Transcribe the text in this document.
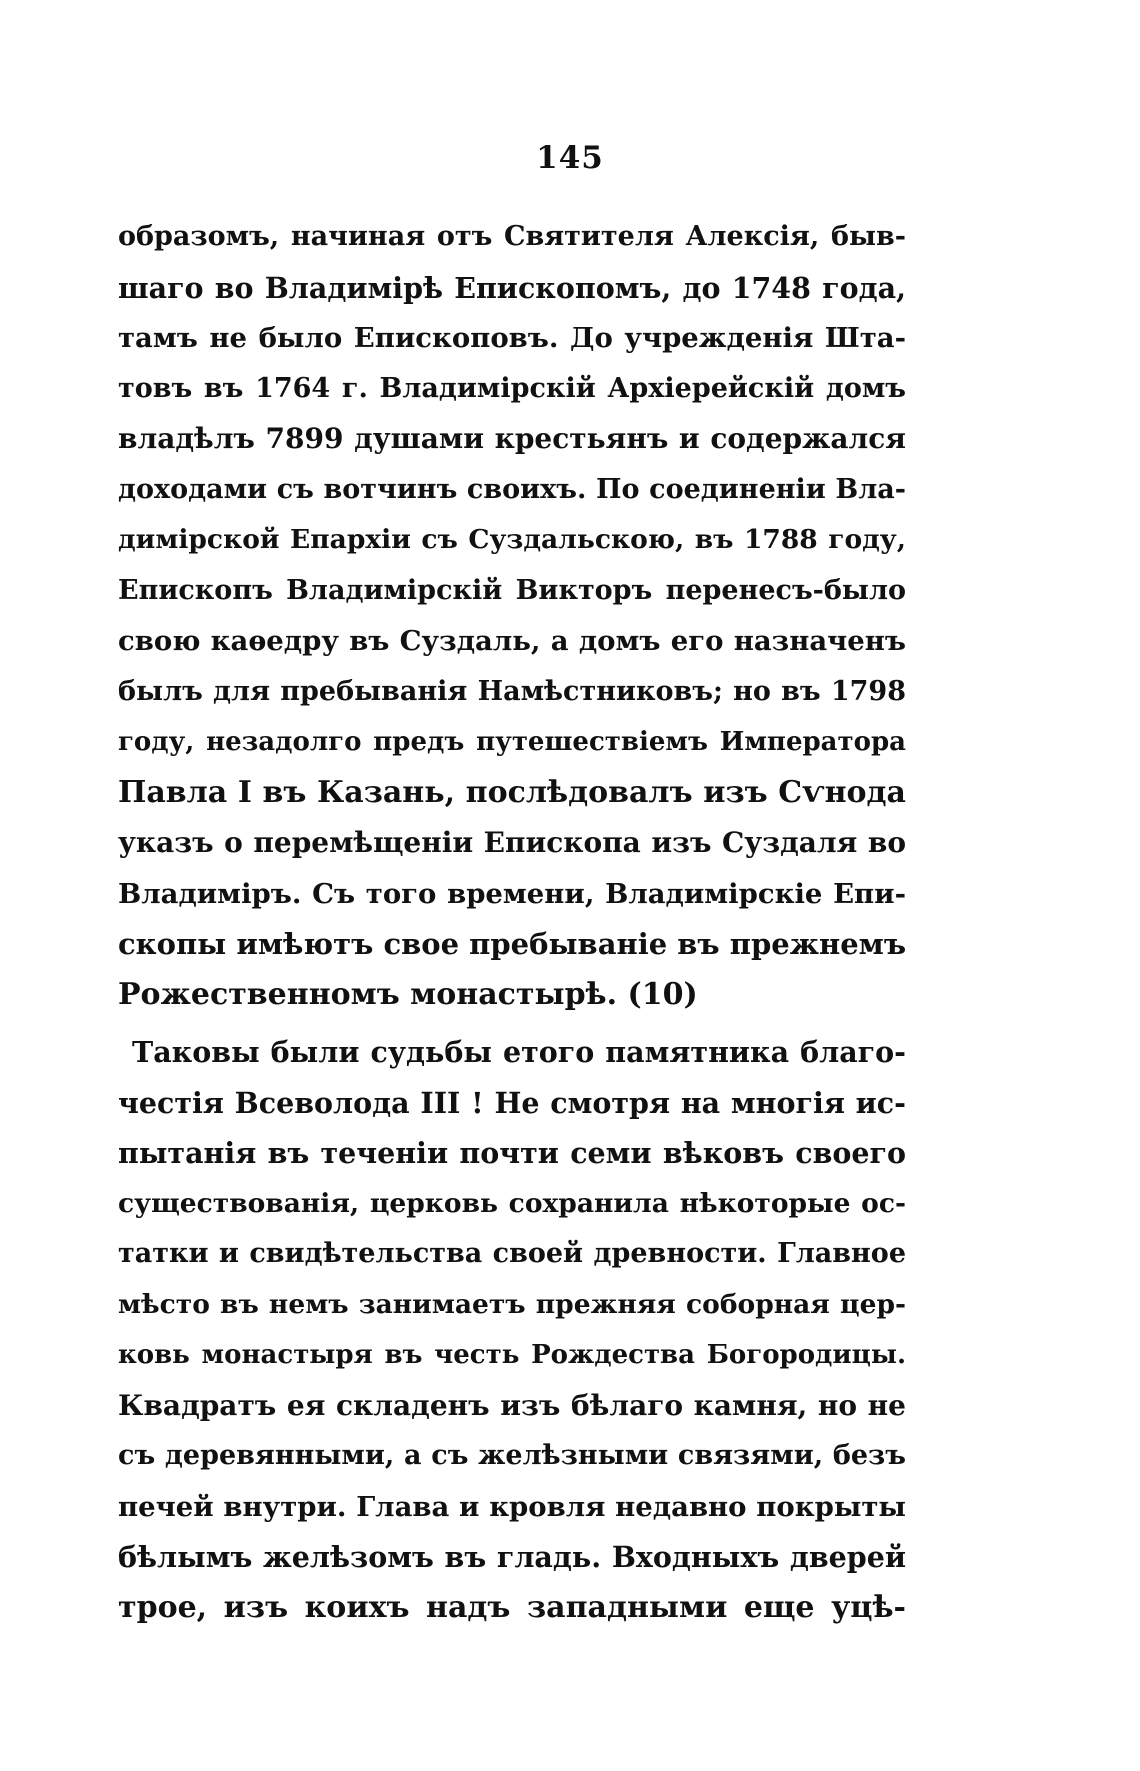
145
образомъ, начиная отъ Святителя Алексія, быв-
шаго во Владимірѣ Епископомъ, до 1748 года,
тамъ не было Епископовъ. До учрежденія Шта-
товъ въ 1764 г. Владимірскій Архіерейскій домъ
владѣлъ 7899 душами крестьянъ и содержался
доходами съ вотчинъ своихъ. По соединеніи Вла-
димірской Епархіи съ Суздальскою, въ 1788 году,
Епископъ Владимірскій Викторъ перенесъ-было
свою каѳедру въ Суздаль, а домъ его назначенъ
былъ для пребыванія Намѣстниковъ; но въ 1798
году, незадолго предъ путешествіемъ Императора
Павла I въ Казань, послѣдовалъ изъ Сѵнода
указъ о перемѣщеніи Епископа изъ Суздаля во
Владиміръ. Съ того времени, Владимірскіе Епи-
скопы имѣютъ свое пребываніе въ прежнемъ
Рожественномъ монастырѣ. (10)
Таковы были судьбы етого памятника благо-
честія Всеволода III ! Не смотря на многія ис-
пытанія въ теченіи почти семи вѣковъ своего
существованія, церковь сохранила нѣкоторые ос-
татки и свидѣтельства своей древности. Главное
мѣсто въ немъ занимаетъ прежняя соборная цер-
ковь монастыря въ честь Рождества Богородицы.
Квадратъ ея складенъ изъ бѣлаго камня, но не
съ деревянными, а съ желѣзными связями, безъ
печей внутри. Глава и кровля недавно покрыты
бѣлымъ желѣзомъ въ гладь. Входныхъ дверей
трое, изъ коихъ надъ западными еще уцѣ-
